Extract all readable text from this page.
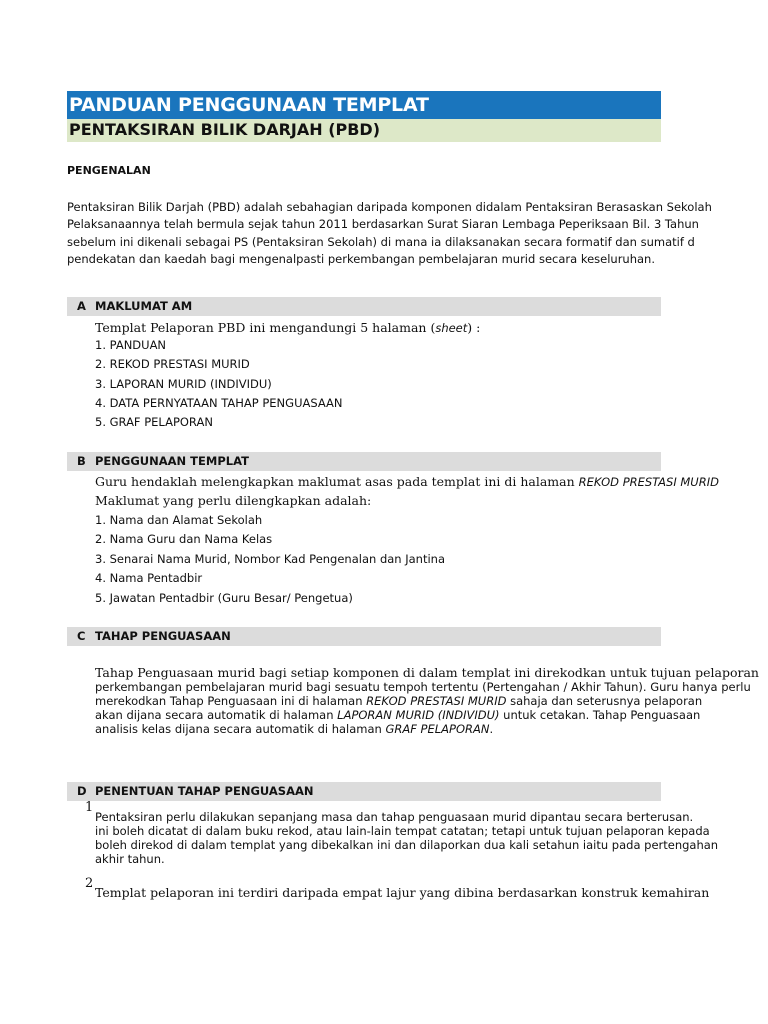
PANDUAN PENGGUNAAN TEMPLAT
PENTAKSIRAN BILIK DARJAH (PBD)
PENGENALAN
Pentaksiran Bilik Darjah (PBD) adalah sebahagian daripada komponen didalam Pentaksiran Berasaskan Sekolah
Pelaksanaannya telah bermula sejak tahun 2011 berdasarkan Surat Siaran Lembaga Peperiksaan Bil. 3 Tahun
sebelum ini dikenali sebagai PS (Pentaksiran Sekolah) di mana ia dilaksanakan secara formatif dan sumatif d
pendekatan dan kaedah bagi mengenalpasti perkembangan pembelajaran murid secara keseluruhan.
A MAKLUMAT AM
Templat Pelaporan PBD ini mengandungi 5 halaman (sheet) :
1. PANDUAN
2. REKOD PRESTASI MURID
3. LAPORAN MURID (INDIVIDU)
4. DATA PERNYATAAN TAHAP PENGUASAAN
5. GRAF PELAPORAN
B PENGGUNAAN TEMPLAT
Guru hendaklah melengkapkan maklumat asas pada templat ini di halaman REKOD PRESTASI MURID
Maklumat yang perlu dilengkapkan adalah:
1. Nama dan Alamat Sekolah
2. Nama Guru dan Nama Kelas
3. Senarai Nama Murid, Nombor Kad Pengenalan dan Jantina
4. Nama Pentadbir
5. Jawatan Pentadbir (Guru Besar/ Pengetua)
C TAHAP PENGUASAAN
Tahap Penguasaan murid bagi setiap komponen di dalam templat ini direkodkan untuk tujuan pelaporan
perkembangan pembelajaran murid bagi sesuatu tempoh tertentu (Pertengahan / Akhir Tahun). Guru hanya perlu
merekodkan Tahap Penguasaan ini di halaman REKOD PRESTASI MURID sahaja dan seterusnya pelaporan
akan dijana secara automatik di halaman LAPORAN MURID (INDIVIDU) untuk cetakan. Tahap Penguasaan
analisis kelas dijana secara automatik di halaman GRAF PELAPORAN.
D PENENTUAN TAHAP PENGUASAAN
1
Pentaksiran perlu dilakukan sepanjang masa dan tahap penguasaan murid dipantau secara berterusan.
ini boleh dicatat di dalam buku rekod, atau lain-lain tempat catatan; tetapi untuk tujuan pelaporan kepada
boleh direkod di dalam templat yang dibekalkan ini dan dilaporkan dua kali setahun iaitu pada pertengahan
akhir tahun.
2
Templat pelaporan ini terdiri daripada empat lajur yang dibina berdasarkan konstruk kemahiran
